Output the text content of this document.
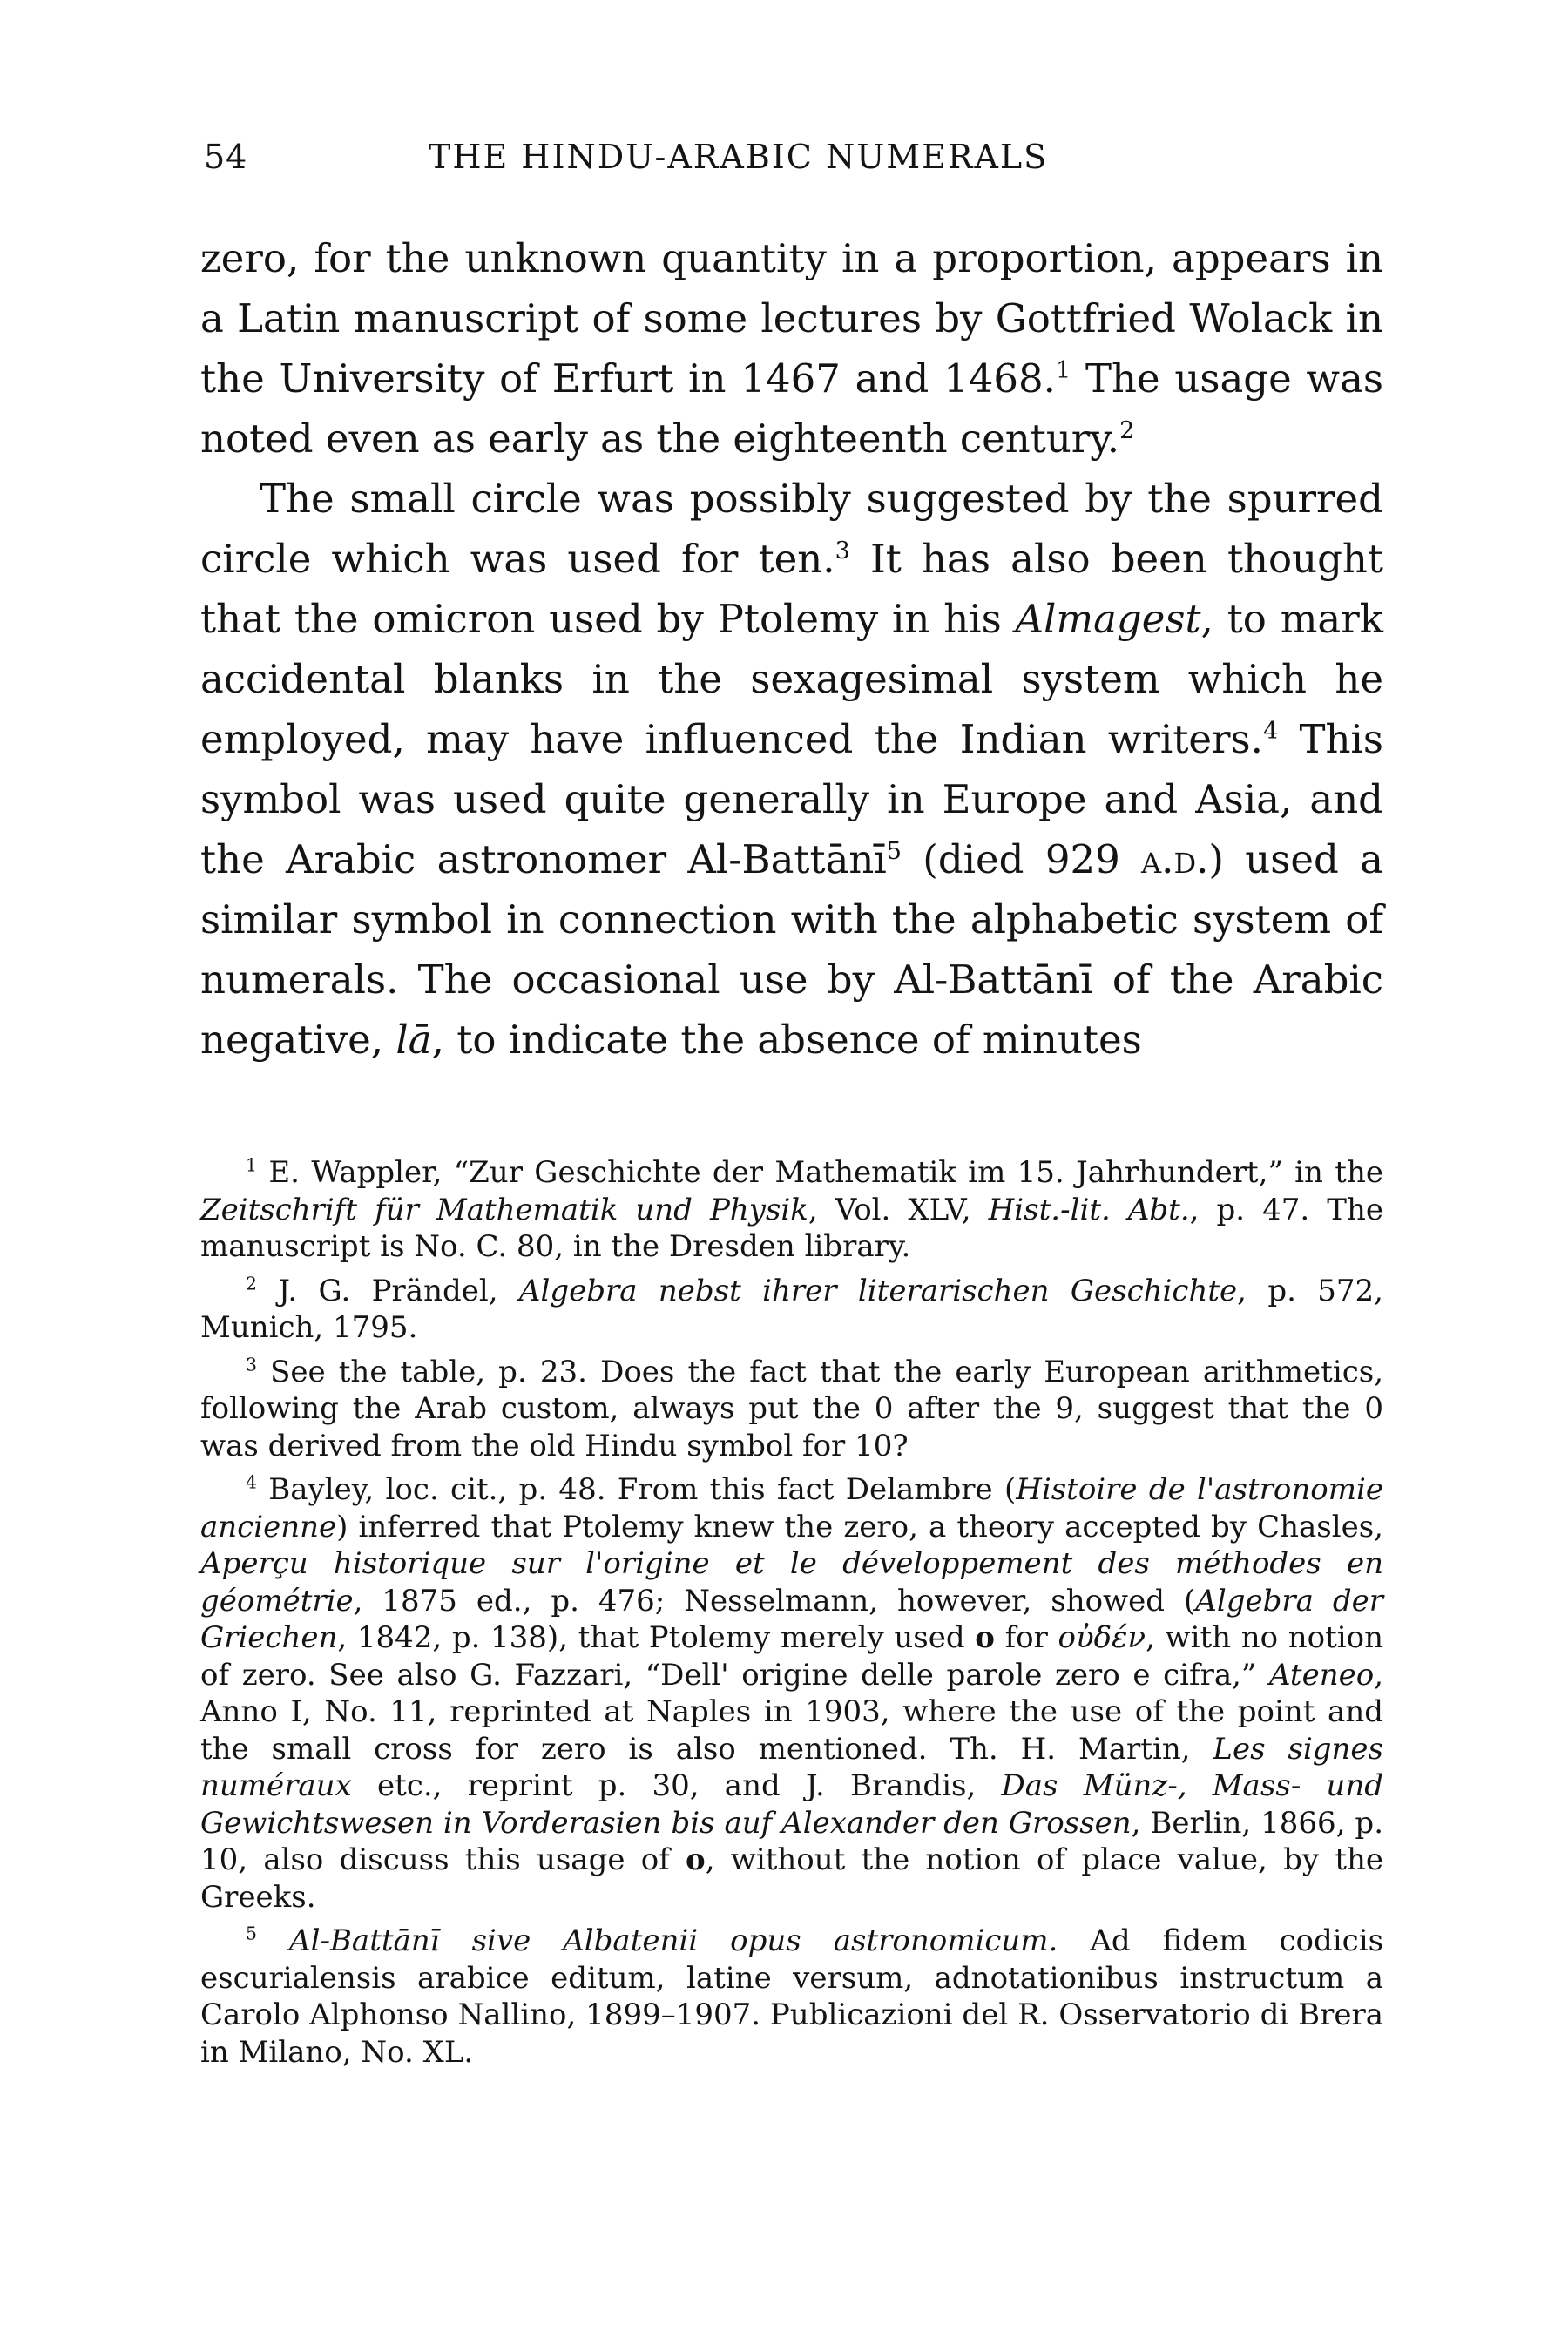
54	THE HINDU-ARABIC NUMERALS

zero, for the unknown quantity in a proportion, appears in a Latin manuscript of some lectures by Gottfried Wolack in the University of Erfurt in 1467 and 1468.$^1$ The usage was noted even as early as the eighteenth century.$^2$

The small circle was possibly suggested by the spurred circle which was used for ten.$^3$ It has also been thought that the omicron used by Ptolemy in his Almagest, to mark accidental blanks in the sexagesimal system which he employed, may have influenced the Indian writers.$^4$ This symbol was used quite generally in Europe and Asia, and the Arabic astronomer Al-Battānī$^5$ (died 929 a.d.) used a similar symbol in connection with the alphabetic system of numerals. The occasional use by Al-Battānī of the Arabic negative, lā, to indicate the absence of minutes

$^1$ E. Wappler, “Zur Geschichte der Mathematik im 15. Jahrhundert,” in the Zeitschrift für Mathematik und Physik, Vol. XLV, Hist.-lit. Abt., p. 47. The manuscript is No. C. 80, in the Dresden library.

$^2$ J. G. Prändel, Algebra nebst ihrer literarischen Geschichte, p. 572, Munich, 1795.

$^3$ See the table, p. 23. Does the fact that the early European arithmetics, following the Arab custom, always put the 0 after the 9, suggest that the 0 was derived from the old Hindu symbol for 10?

$^4$ Bayley, loc. cit., p. 48. From this fact Delambre (Histoire de l'astronomie ancienne) inferred that Ptolemy knew the zero, a theory accepted by Chasles, Aperçu historique sur l'origine et le développement des méthodes en géométrie, 1875 ed., p. 476; Nesselmann, however, showed (Algebra der Griechen, 1842, p. 138), that Ptolemy merely used o for οὐδέν, with no notion of zero. See also G. Fazzari, “Dell' origine delle parole zero e cifra,” Ateneo, Anno I, No. 11, reprinted at Naples in 1903, where the use of the point and the small cross for zero is also mentioned. Th. H. Martin, Les signes numéraux etc., reprint p. 30, and J. Brandis, Das Münz-, Mass- und Gewichtswesen in Vorderasien bis auf Alexander den Grossen, Berlin, 1866, p. 10, also discuss this usage of o, without the notion of place value, by the Greeks.

$^5$ Al-Battānī sive Albatenii opus astronomicum. Ad fidem codicis escurialensis arabice editum, latine versum, adnotationibus instructum a Carolo Alphonso Nallino, 1899–1907. Publicazioni del R. Osservatorio di Brera in Milano, No. XL.
